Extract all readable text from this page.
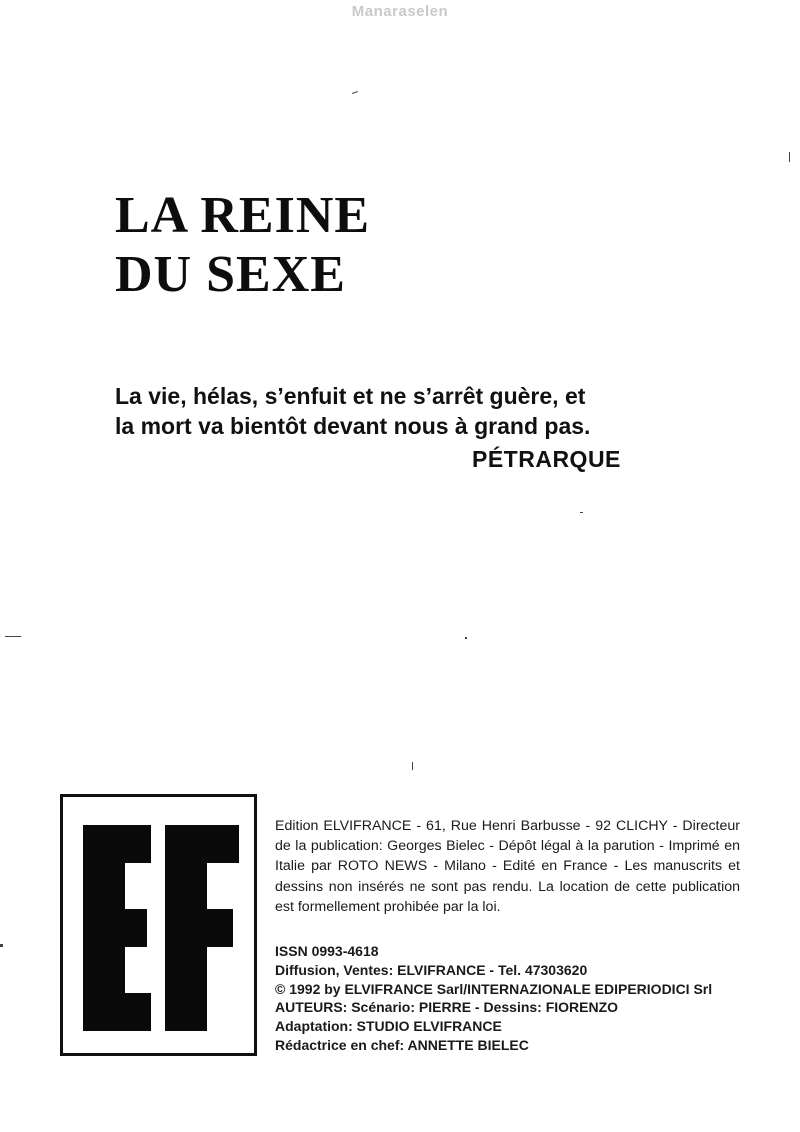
Manaraselen
LA REINE
DU SEXE
La vie, hélas, s’enfuit et ne s’arrêt guère, et
la mort va bientôt devant nous à grand pas.
PÉTRARQUE
EF
Edition ELVIFRANCE - 61, Rue Henri Barbusse - 92 CLICHY - Directeur de la publication: Georges Bielec - Dépôt légal à la parution - Imprimé en Italie par ROTO NEWS - Milano - Edité en France - Les manuscrits et dessins non insérés ne sont pas rendu. La location de cette publication est formellement prohibée par la loi.
ISSN 0993-4618
Diffusion, Ventes: ELVIFRANCE - Tel. 47303620
© 1992 by ELVIFRANCE Sarl/INTERNAZIONALE EDIPERIODICI Srl
AUTEURS: Scénario: PIERRE - Dessins: FIORENZO
Adaptation: STUDIO ELVIFRANCE
Rédactrice en chef: ANNETTE BIELEC
